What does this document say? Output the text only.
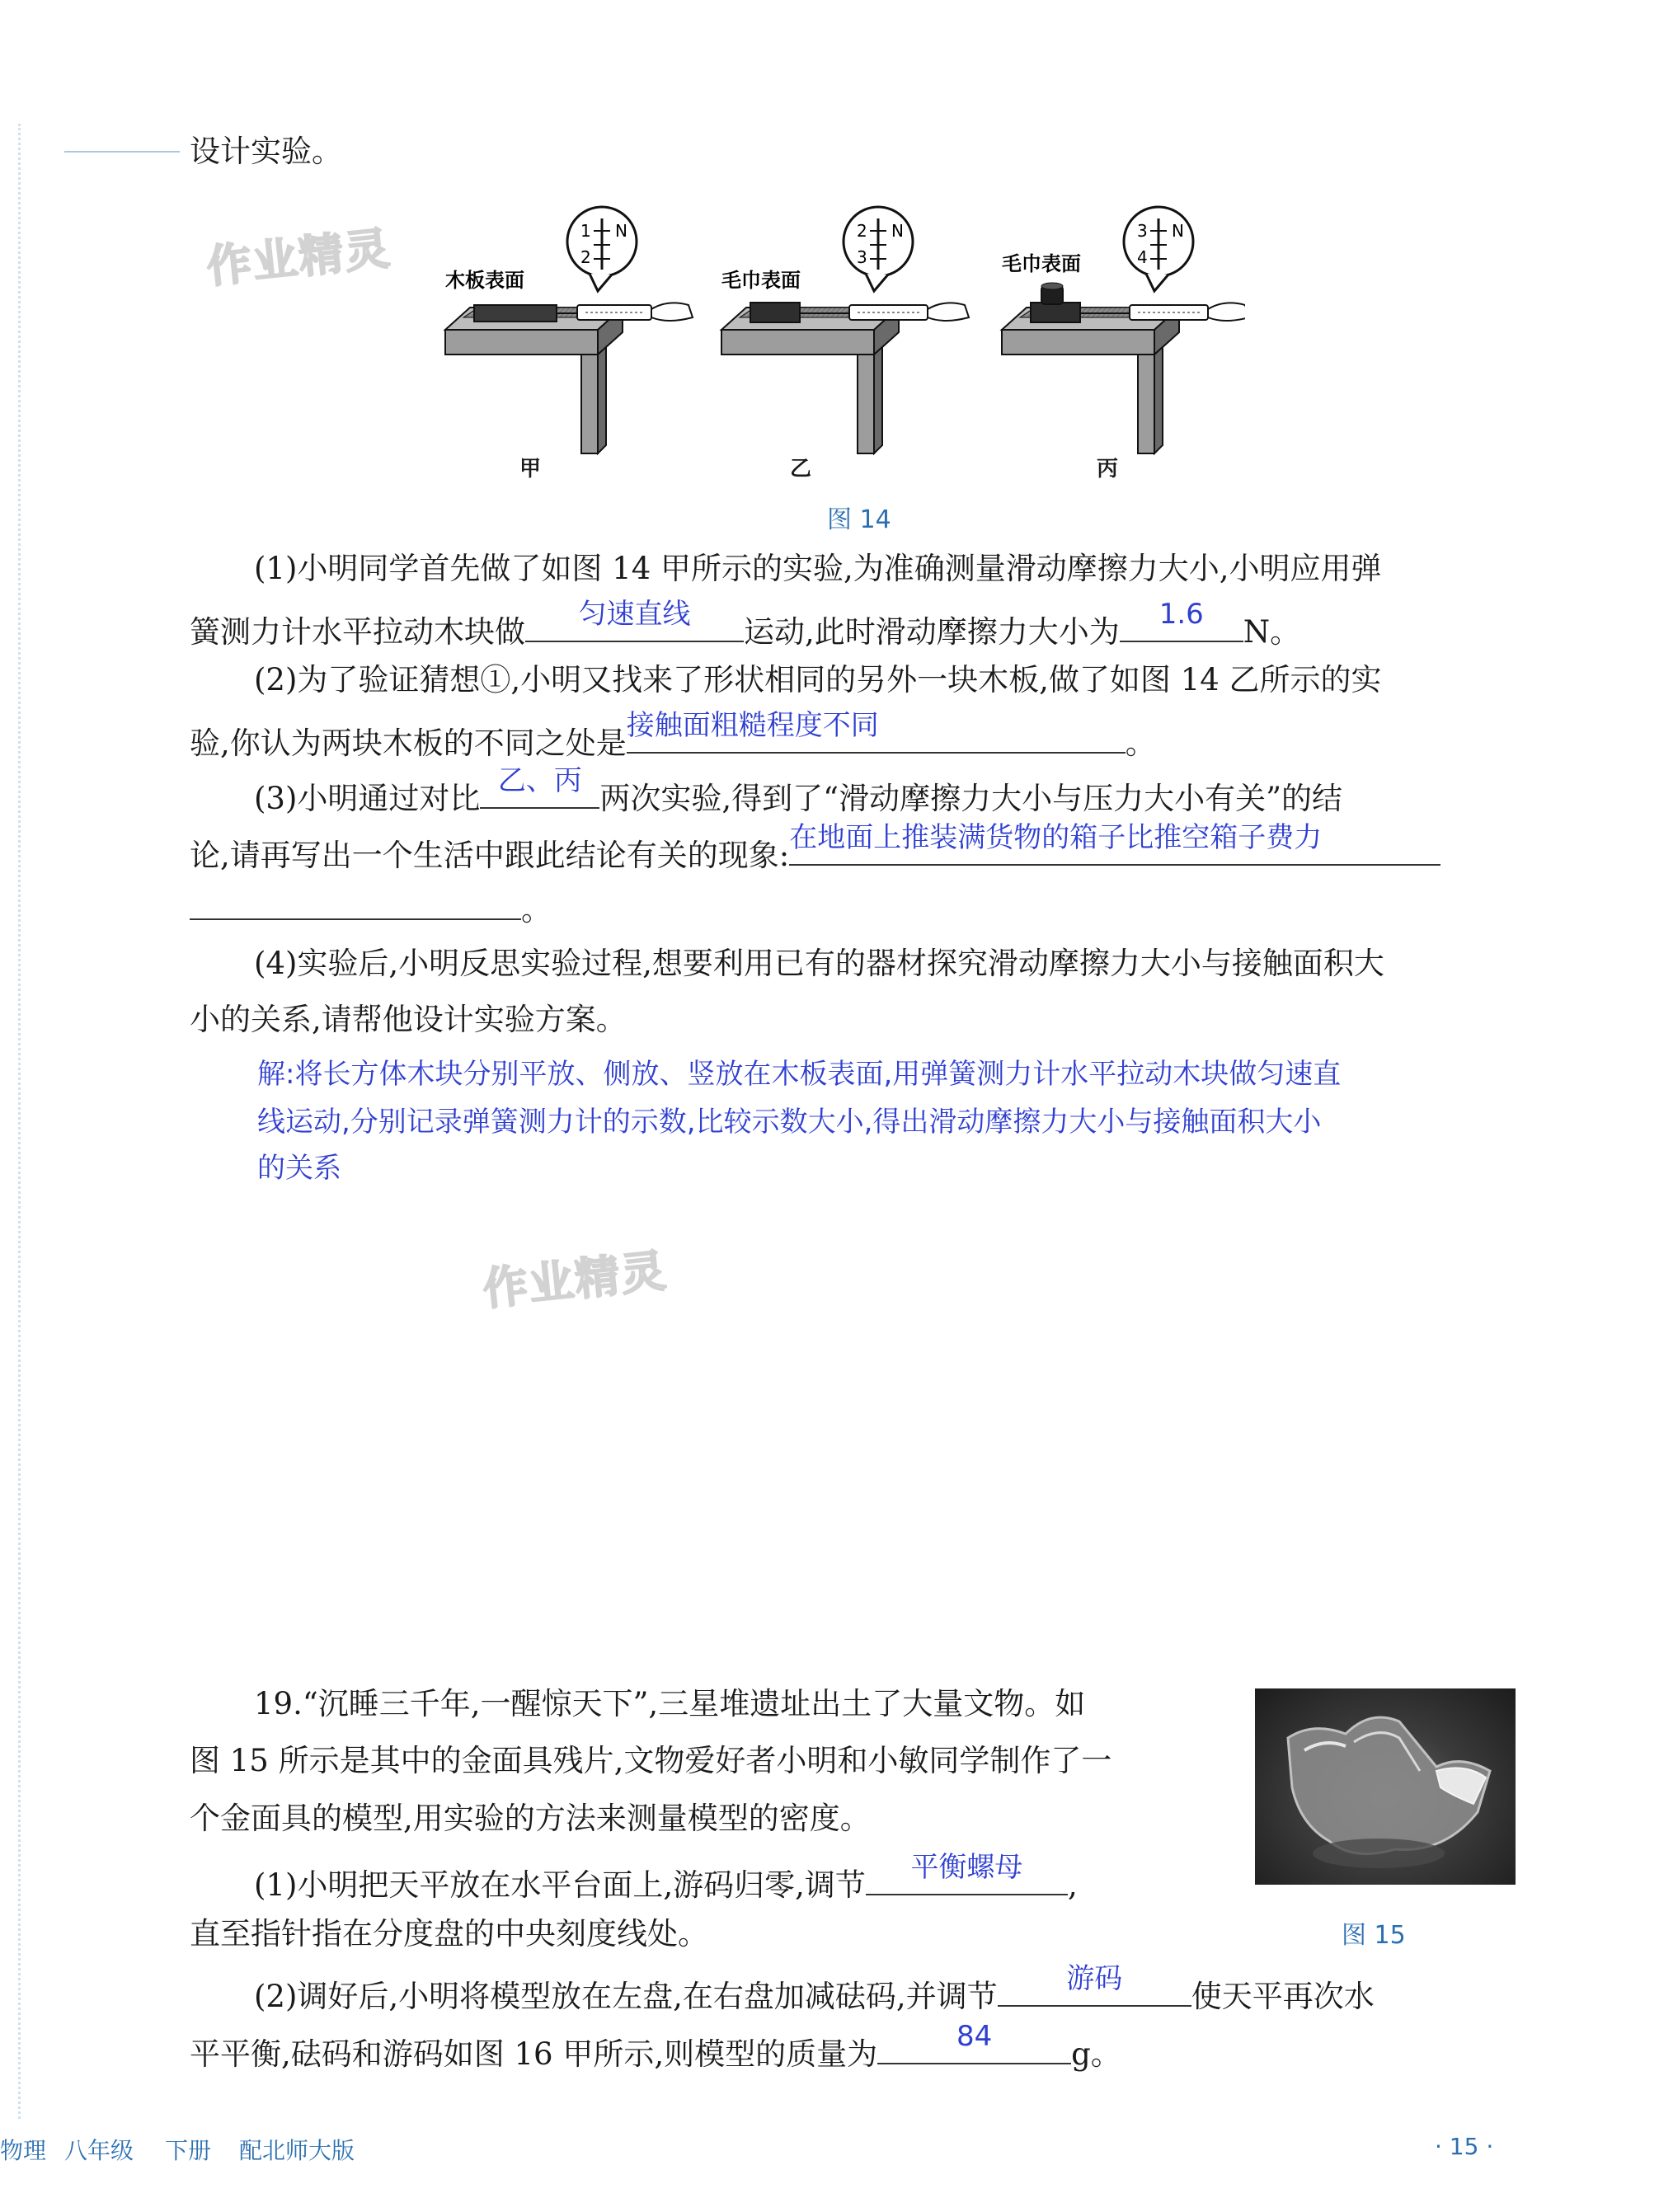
设计实验。
作业精灵
作业精灵
1
2
N
木板表面
2
3
N
毛巾表面
3
4
N
毛巾表面
甲	乙	丙
图 14
(1)小明同学首先做了如图 14 甲所示的实验,为准确测量滑动摩擦力大小,小明应用弹
簧测力计水平拉动木块做	匀速直线	运动,此时滑动摩擦力大小为	1.6	N。
(2)为了验证猜想①,小明又找来了形状相同的另外一块木板,做了如图 14 乙所示的实
验,你认为两块木板的不同之处是 接触面粗糙程度不同	。
(3)小明通过对比 乙、丙 两次实验,得到了“滑动摩擦力大小与压力大小有关”的结
论,请再写出一个生活中跟此结论有关的现象: 在地面上推装满货物的箱子比推空箱子费力
。
(4)实验后,小明反思实验过程,想要利用已有的器材探究滑动摩擦力大小与接触面积大
小的关系,请帮他设计实验方案。
解:将长方体木块分别平放、侧放、竖放在木板表面,用弹簧测力计水平拉动木块做匀速直
线运动,分别记录弹簧测力计的示数,比较示数大小,得出滑动摩擦力大小与接触面积大小
的关系
19.“沉睡三千年,一醒惊天下”,三星堆遗址出土了大量文物。如
图 15 所示是其中的金面具残片,文物爱好者小明和小敏同学制作了一
个金面具的模型,用实验的方法来测量模型的密度。
(1)小明把天平放在水平台面上,游码归零,调节	平衡螺母	,
直至指针指在分度盘的中央刻度线处。
(2)调好后,小明将模型放在左盘,在右盘加减砝码,并调节	游码	使天平再次水
平平衡,砝码和游码如图 16 甲所示,则模型的质量为	84	g。
图 15
物理 八年级 下册 配北师大版	· 15 ·
